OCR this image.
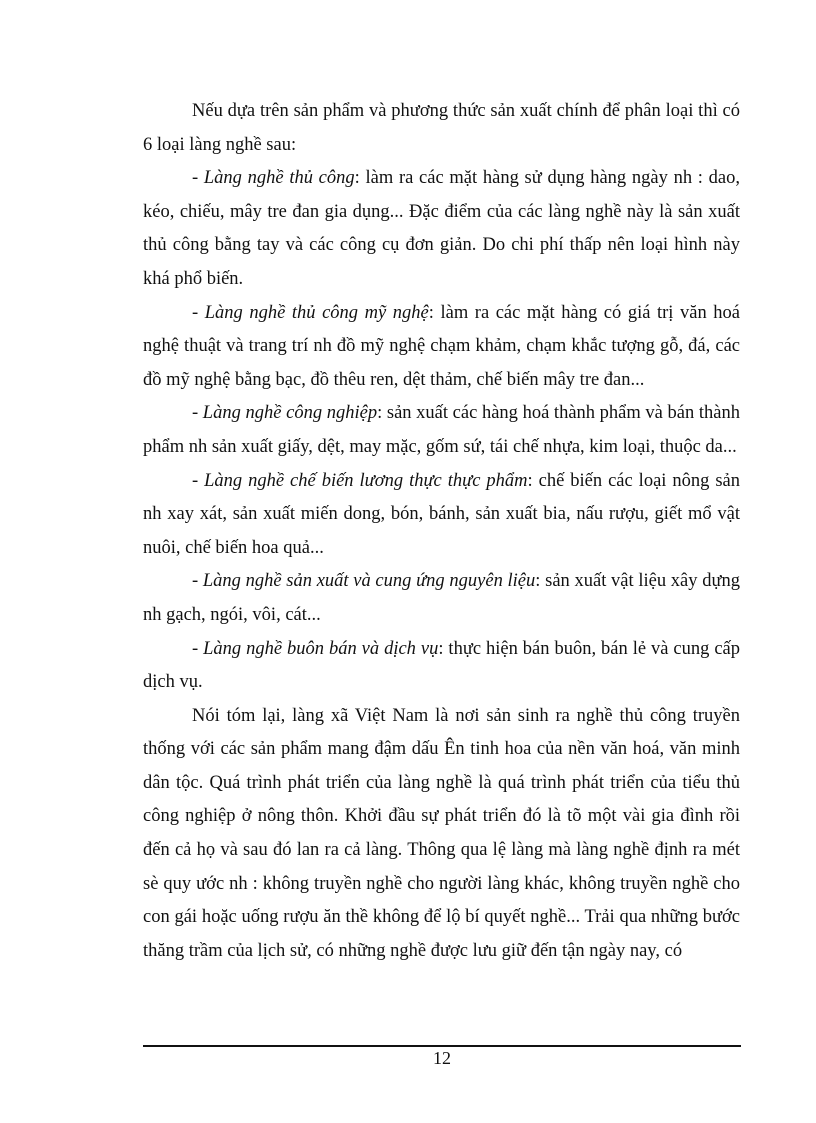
Nếu dựa trên sản phẩm và phương thức sản xuất chính để phân loại thì có 6 loại làng nghề sau:

- Làng nghề thủ công: làm ra các mặt hàng sử dụng hàng ngày nh : dao, kéo, chiếu, mây tre đan gia dụng... Đặc điểm của các làng nghề này là sản xuất thủ công bằng tay và các công cụ đơn giản. Do chi phí thấp nên loại hình này khá phổ biến.

- Làng nghề thủ công mỹ nghệ: làm ra các mặt hàng có giá trị văn hoá nghệ thuật và trang trí nh đồ mỹ nghệ chạm khảm, chạm khắc tượng gỗ, đá, các đồ mỹ nghệ bằng bạc, đồ thêu ren, dệt thảm, chế biến mây tre đan...

- Làng nghề công nghiệp: sản xuất các hàng hoá thành phẩm và bán thành phẩm nh sản xuất giấy, dệt, may mặc, gốm sứ, tái chế nhựa, kim loại, thuộc da...

- Làng nghề chế biến lương thực thực phẩm: chế biến các loại nông sản nh xay xát, sản xuất miến dong, bón, bánh, sản xuất bia, nấu rượu, giết mổ vật nuôi, chế biến hoa quả...

- Làng nghề sản xuất và cung ứng nguyên liệu: sản xuất vật liệu xây dựng nh gạch, ngói, vôi, cát...

- Làng nghề buôn bán và dịch vụ: thực hiện bán buôn, bán lẻ và cung cấp dịch vụ.

Nói tóm lại, làng xã Việt Nam là nơi sản sinh ra nghề thủ công truyền thống với các sản phẩm mang đậm dấu Ên tinh hoa của nền văn hoá, văn minh dân tộc. Quá trình phát triển của làng nghề là quá trình phát triển của tiểu thủ công nghiệp ở nông thôn. Khởi đầu sự phát triển đó là tõ một vài gia đình rồi đến cả họ và sau đó lan ra cả làng. Thông qua lệ làng mà làng nghề định ra mét sè quy ước nh : không truyền nghề cho người làng khác, không truyền nghề cho con gái hoặc uống rượu ăn thề không để lộ bí quyết nghề... Trải qua những bước thăng trầm của lịch sử, có những nghề được lưu giữ đến tận ngày nay, có

12
